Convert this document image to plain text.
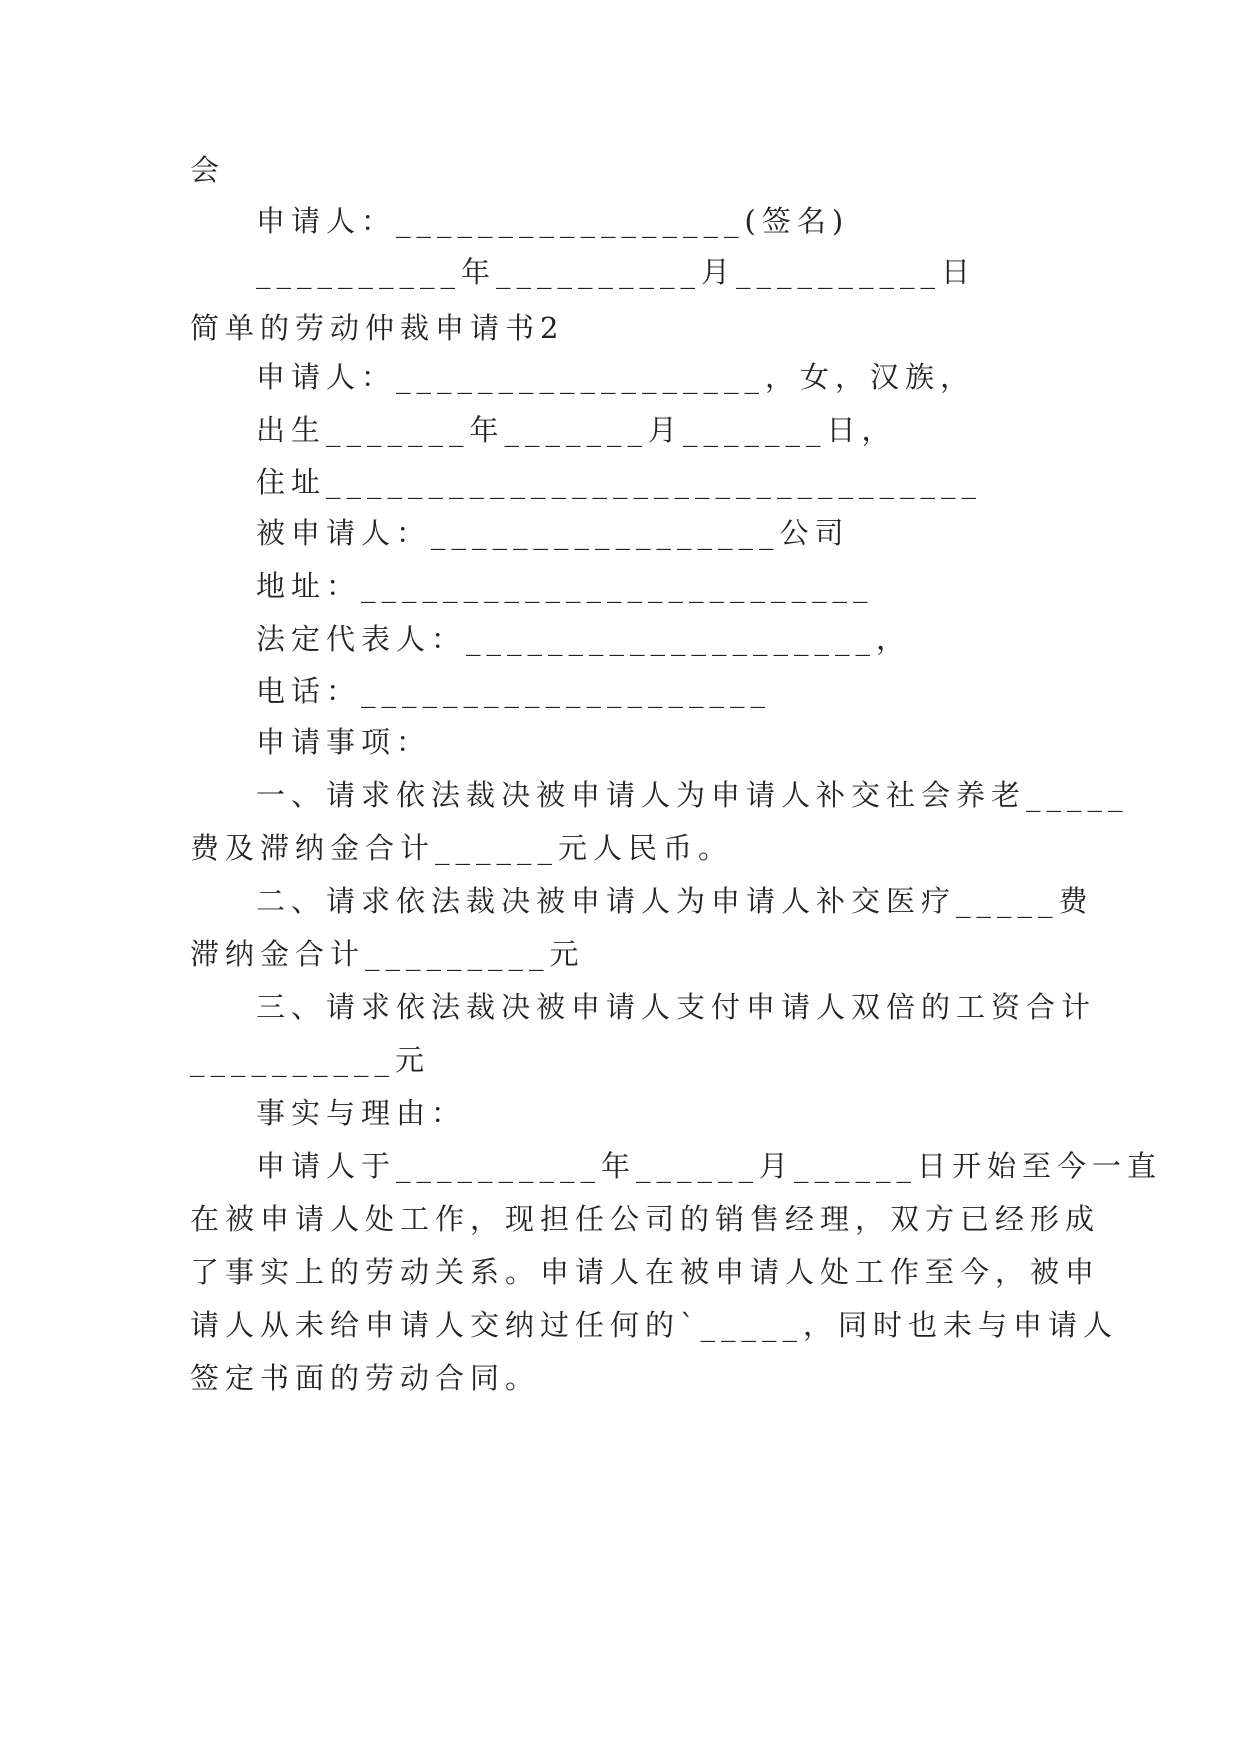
会
申请人：_________________(签名)
__________年__________月__________日
简单的劳动仲裁申请书2
申请人：__________________，女，汉族，
出生_______年_______月_______日，
住址________________________________
被申请人：_________________公司
地址：_________________________
法定代表人：____________________，
电话：____________________
申请事项：
一、请求依法裁决被申请人为申请人补交社会养老_____
费及滞纳金合计______元人民币。
二、请求依法裁决被申请人为申请人补交医疗_____费
滞纳金合计_________元
三、请求依法裁决被申请人支付申请人双倍的工资合计
__________元
事实与理由：
申请人于__________年______月______日开始至今一直
在被申请人处工作，现担任公司的销售经理，双方已经形成
了事实上的劳动关系。申请人在被申请人处工作至今，被申
请人从未给申请人交纳过任何的`_____，同时也未与申请人
签定书面的劳动合同。
